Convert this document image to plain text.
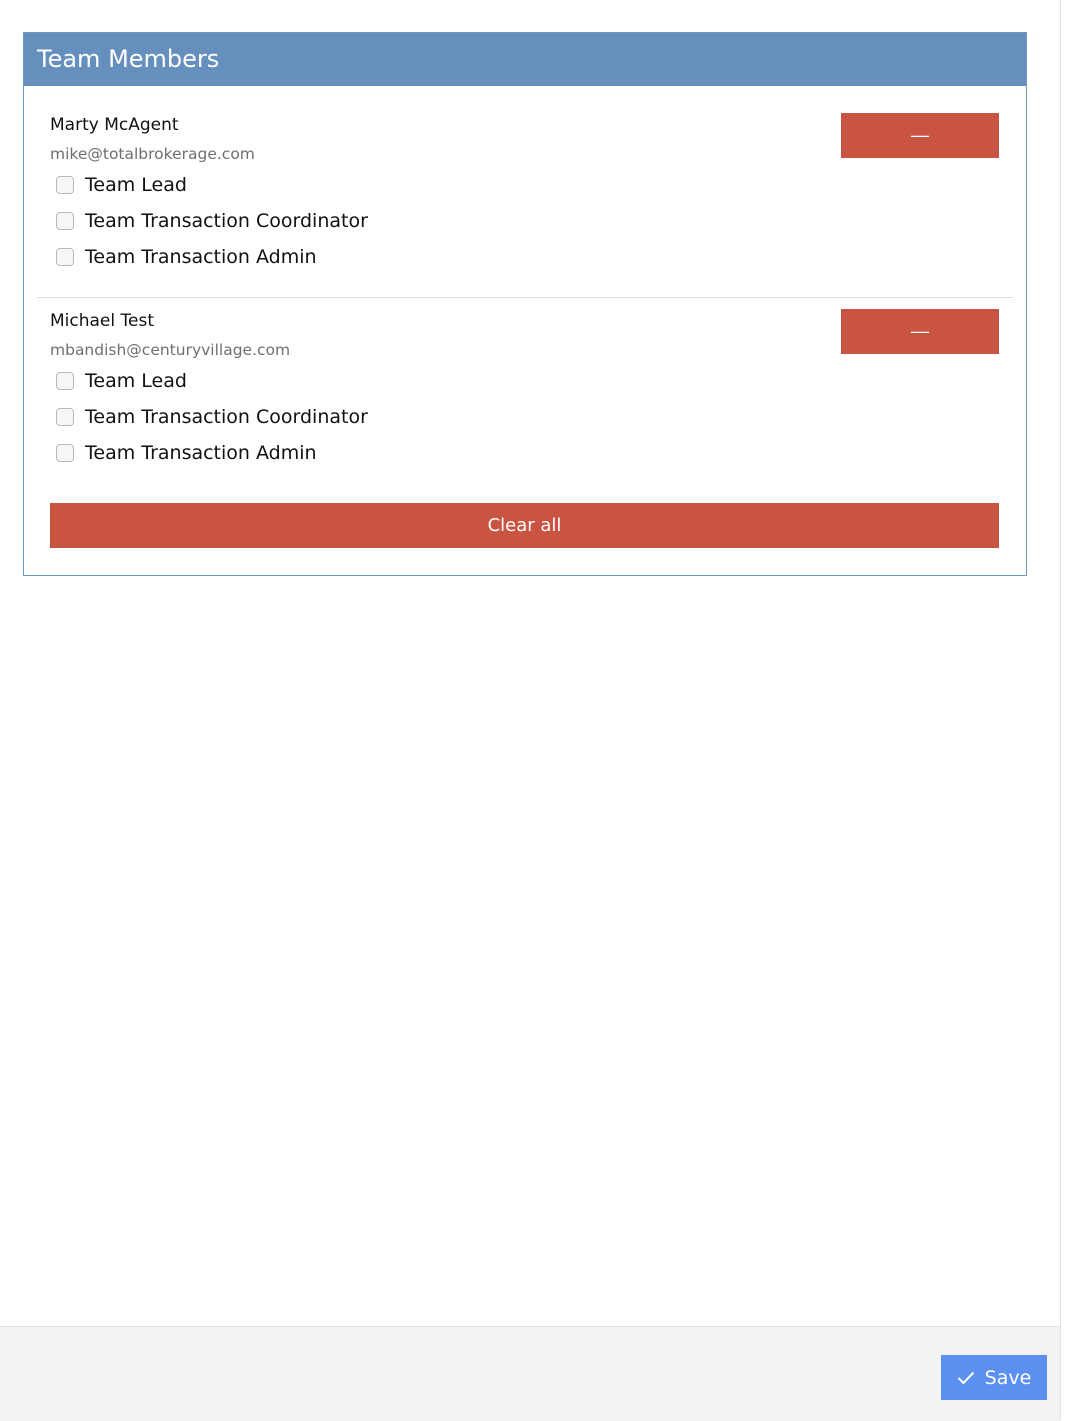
Team Members
Marty McAgent
mike@totalbrokerage.com
—
Team Lead
Team Transaction Coordinator
Team Transaction Admin
Michael Test
mbandish@centuryvillage.com
—
Team Lead
Team Transaction Coordinator
Team Transaction Admin
Clear all
Save
